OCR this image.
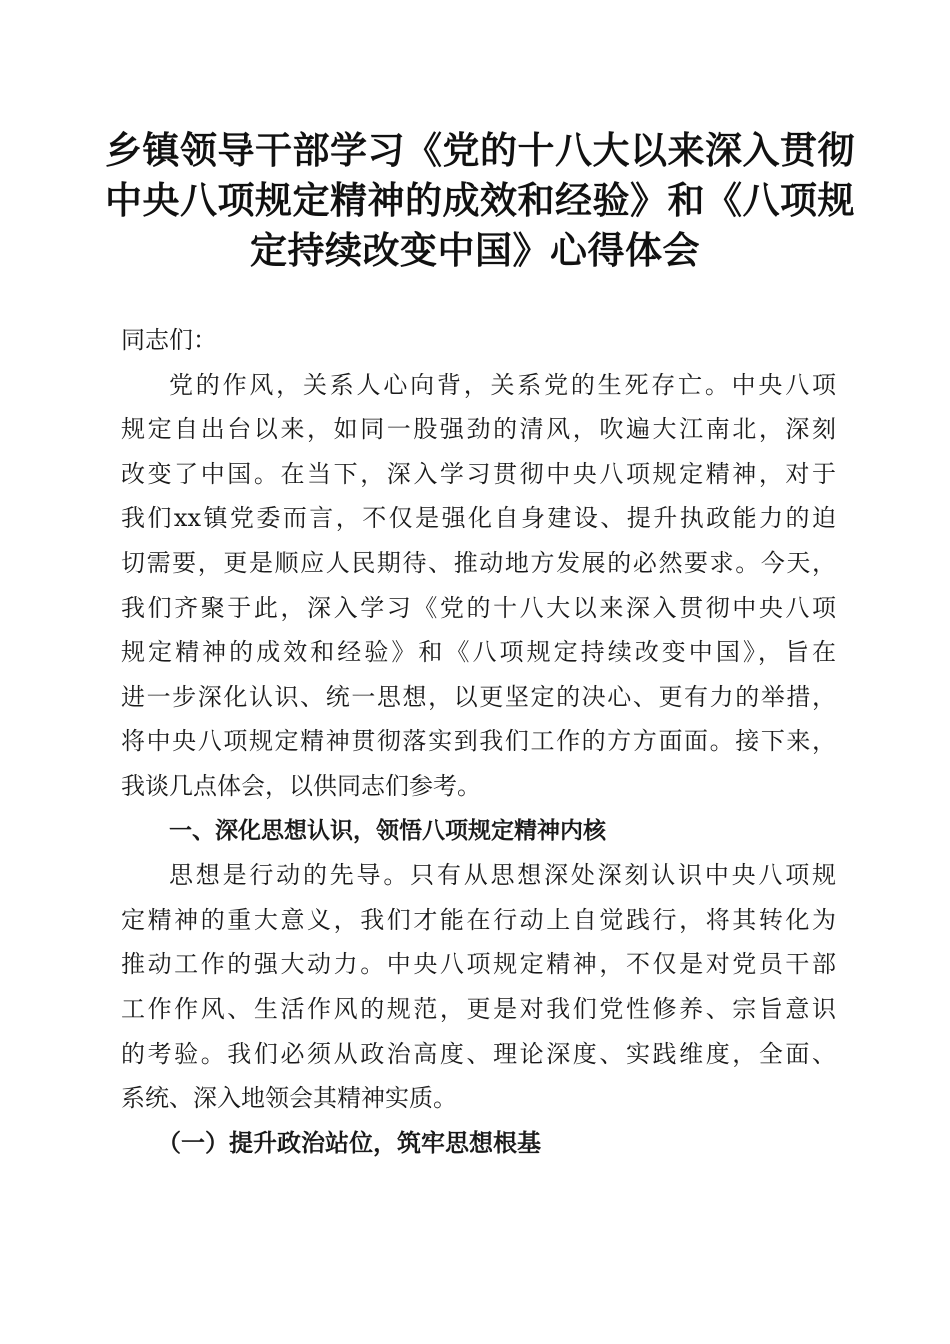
乡镇领导干部学习《党的十八大以来深入贯彻
中央八项规定精神的成效和经验》和《八项规
定持续改变中国》心得体会
同志们：
党的作风，关系人心向背，关系党的生死存亡。中央八项
规定自出台以来，如同一股强劲的清风，吹遍大江南北，深刻
改变了中国。在当下，深入学习贯彻中央八项规定精神，对于
我们xx镇党委而言，不仅是强化自身建设、提升执政能力的迫
切需要，更是顺应人民期待、推动地方发展的必然要求。今天，
我们齐聚于此，深入学习《党的十八大以来深入贯彻中央八项
规定精神的成效和经验》和《八项规定持续改变中国》，旨在
进一步深化认识、统一思想，以更坚定的决心、更有力的举措，
将中央八项规定精神贯彻落实到我们工作的方方面面。接下来，
我谈几点体会，以供同志们参考。
一、深化思想认识，领悟八项规定精神内核
思想是行动的先导。只有从思想深处深刻认识中央八项规
定精神的重大意义，我们才能在行动上自觉践行，将其转化为
推动工作的强大动力。中央八项规定精神，不仅是对党员干部
工作作风、生活作风的规范，更是对我们党性修养、宗旨意识
的考验。我们必须从政治高度、理论深度、实践维度，全面、
系统、深入地领会其精神实质。
（一）提升政治站位，筑牢思想根基
